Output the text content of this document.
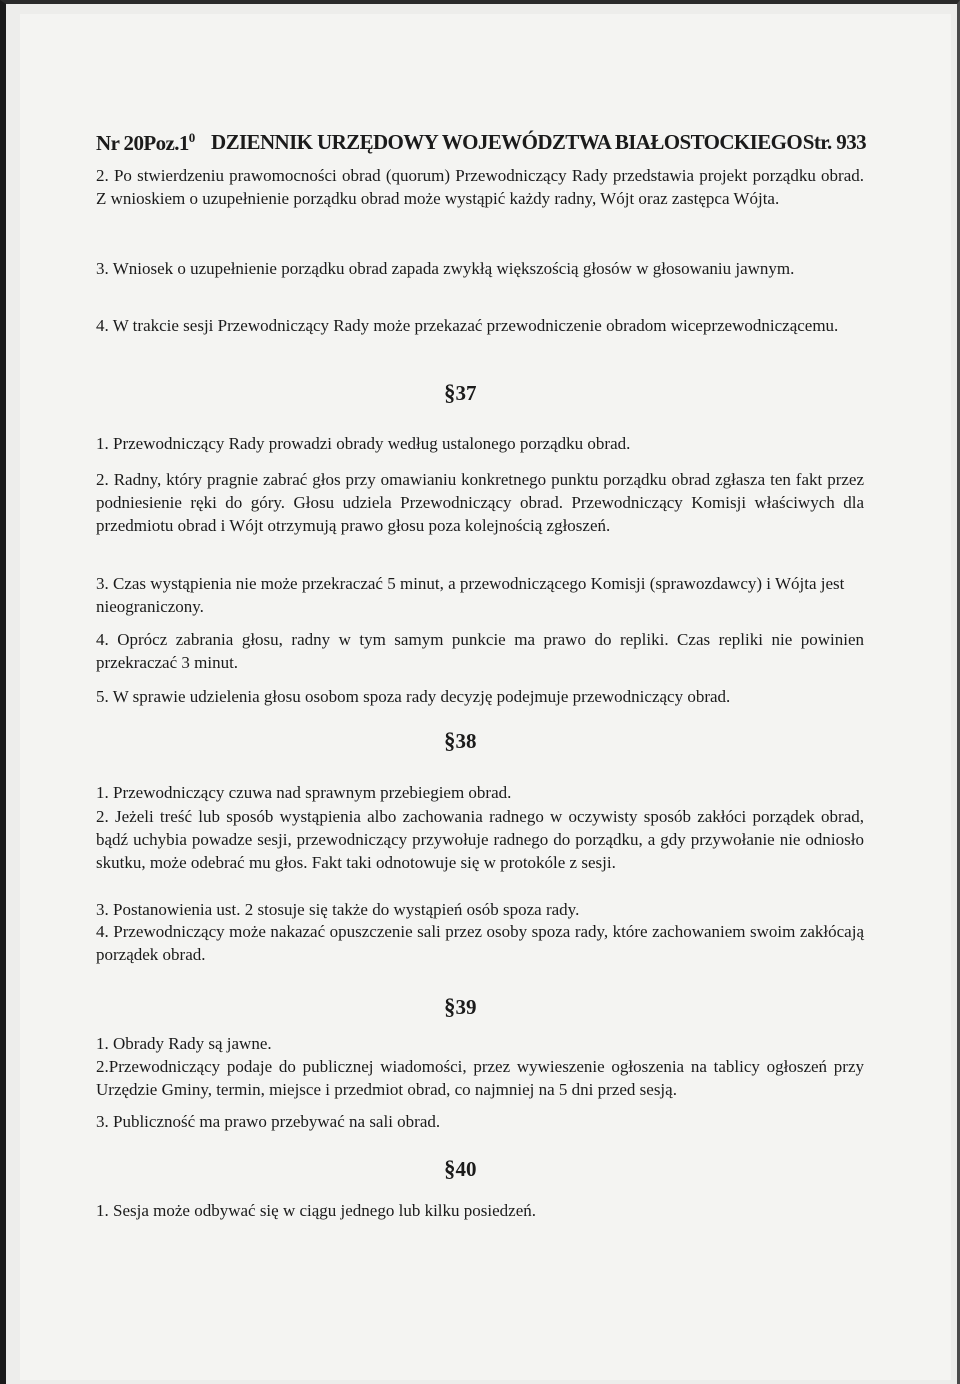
Nr $20Poz.1^0$ DZIENNIK URZĘDOWY WOJEWÓDZTWA BIAŁOSTOCKIEGO Str. 933
2. Po stwierdzeniu prawomocności obrad (quorum) Przewodniczący Rady przedstawia projekt porządku obrad. Z wnioskiem o uzupełnienie porządku obrad może wystąpić każdy radny, Wójt oraz zastępca Wójta.
3. Wniosek o uzupełnienie porządku obrad zapada zwykłą większością głosów w głosowaniu jawnym.
4. W trakcie sesji Przewodniczący Rady może przekazać przewodniczenie obradom wiceprzewodniczącemu.
§37
1. Przewodniczący Rady prowadzi obrady według ustalonego porządku obrad.
2. Radny, który pragnie zabrać głos przy omawianiu konkretnego punktu porządku obrad zgłasza ten fakt przez podniesienie ręki do góry. Głosu udziela Przewodniczący obrad. Przewodniczący Komisji właściwych dla przedmiotu obrad i Wójt otrzymują prawo głosu poza kolejnością zgłoszeń.
3. Czas wystąpienia nie może przekraczać 5 minut, a przewodniczącego Komisji (sprawozdawcy) i Wójta jest nieograniczony.
4. Oprócz zabrania głosu, radny w tym samym punkcie ma prawo do repliki. Czas repliki nie powinien przekraczać 3 minut.
5. W sprawie udzielenia głosu osobom spoza rady decyzję podejmuje przewodniczący obrad.
§38
1. Przewodniczący czuwa nad sprawnym przebiegiem obrad.
2. Jeżeli treść lub sposób wystąpienia albo zachowania radnego w oczywisty sposób zakłóci porządek obrad, bądź uchybia powadze sesji, przewodniczący przywołuje radnego do porządku, a gdy przywołanie nie odniosło skutku, może odebrać mu głos. Fakt taki odnotowuje się w protokóle z sesji.
3. Postanowienia ust. 2 stosuje się także do wystąpień osób spoza rady.
4. Przewodniczący może nakazać opuszczenie sali przez osoby spoza rady, które zachowaniem swoim zakłócają porządek obrad.
§39
1. Obrady Rady są jawne.
2.Przewodniczący podaje do publicznej wiadomości, przez wywieszenie ogłoszenia na tablicy ogłoszeń przy Urzędzie Gminy, termin, miejsce i przedmiot obrad, co najmniej na 5 dni przed sesją.
3. Publiczność ma prawo przebywać na sali obrad.
§40
1. Sesja może odbywać się w ciągu jednego lub kilku posiedzeń.
